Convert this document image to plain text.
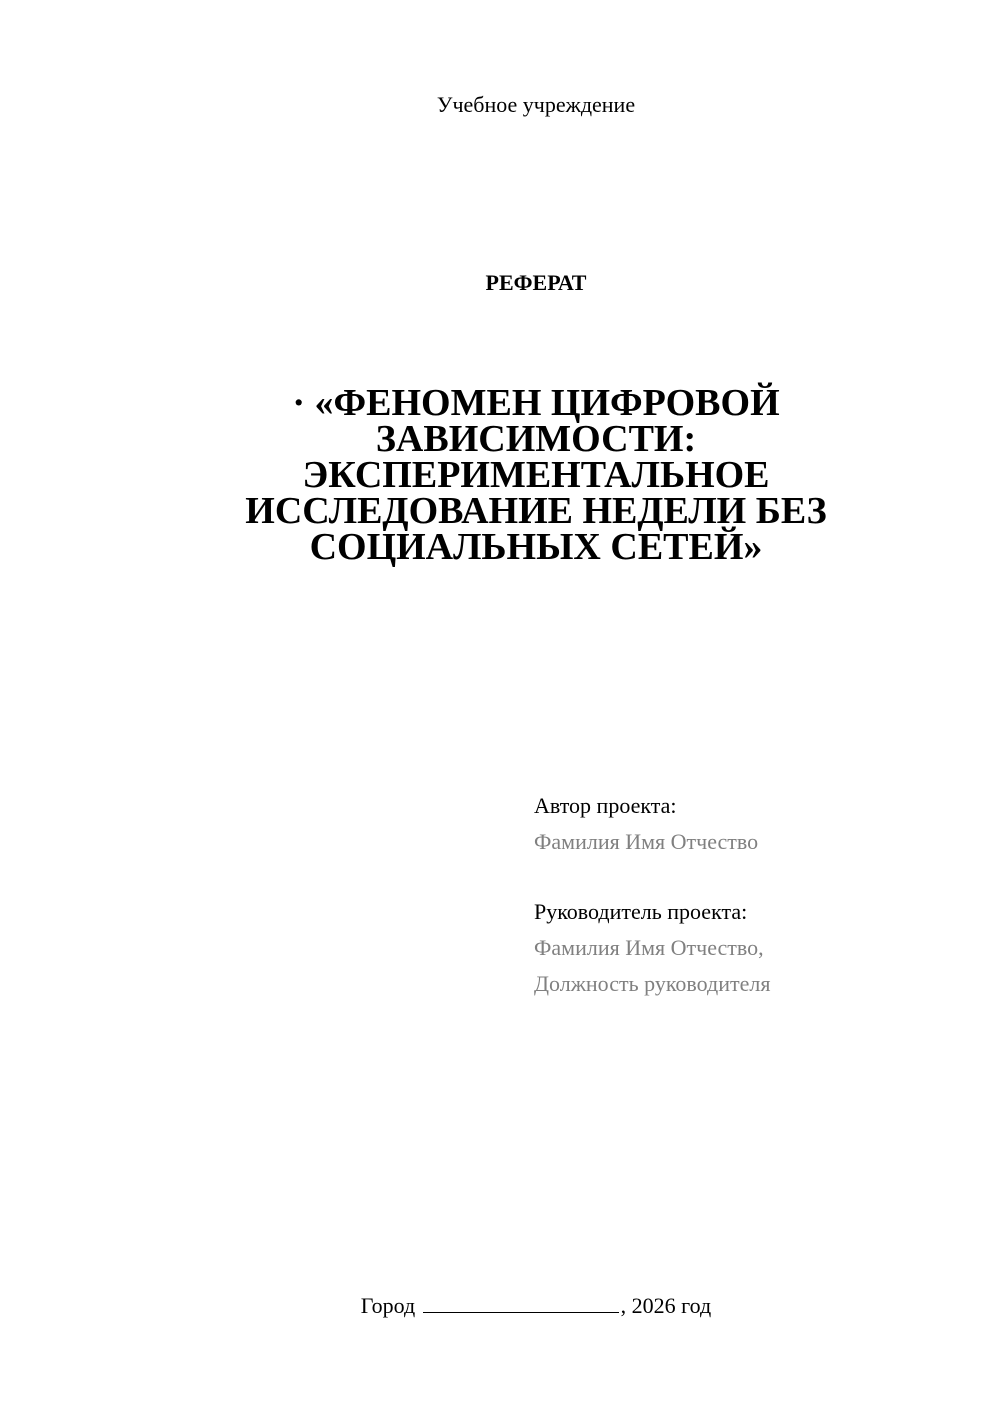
Учебное учреждение
РЕФЕРАТ
· «ФЕНОМЕН ЦИФРОВОЙ
ЗАВИСИМОСТИ:
ЭКСПЕРИМЕНТАЛЬНОЕ
ИССЛЕДОВАНИЕ НЕДЕЛИ БЕЗ
СОЦИАЛЬНЫХ СЕТЕЙ»
Автор проекта:
Фамилия Имя Отчество
Руководитель проекта:
Фамилия Имя Отчество,
Должность руководителя
Город	, 2026 год
